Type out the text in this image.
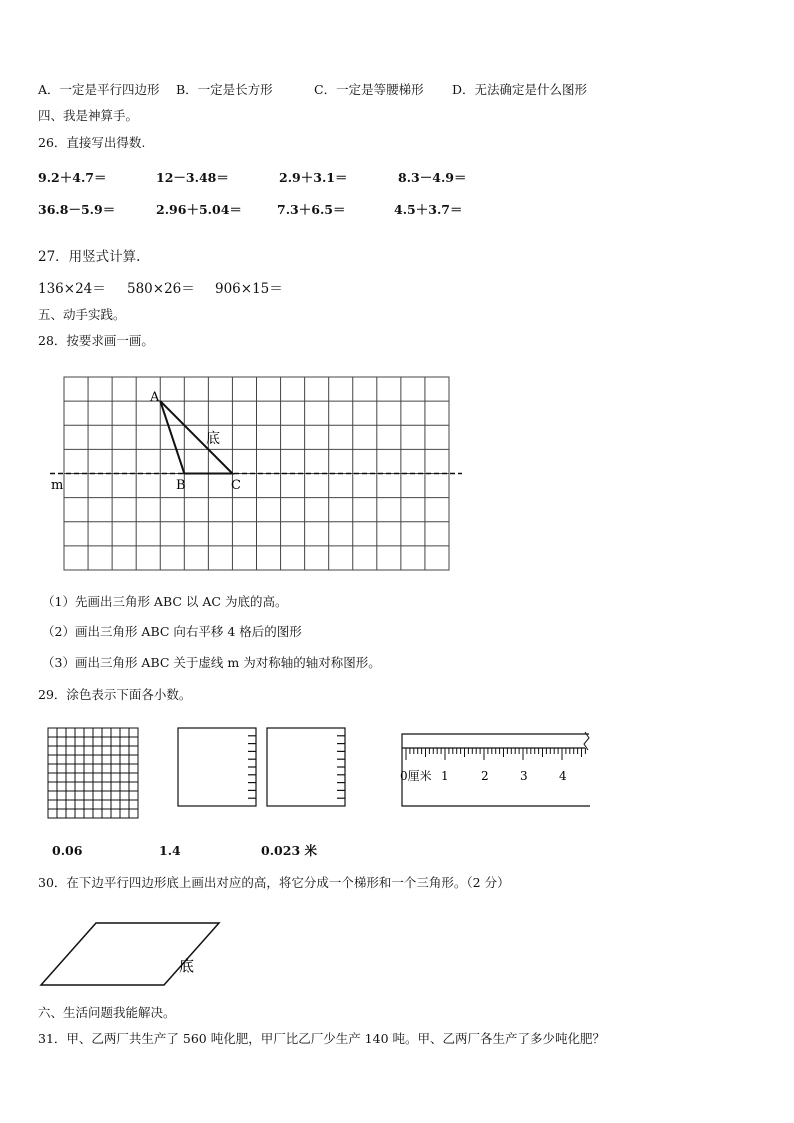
A．一定是平行四边形 B．一定是长方形	C．一定是等腰梯形 D．无法确定是什么图形
四、我是神算手。
26．直接写出得数.
9.2＋4.7＝	12－3.48＝	2.9＋3.1＝	8.3－4.9＝
36.8－5.9＝	2.96＋5.04＝	7.3＋6.5＝	4.5＋3.7＝
27．用竖式计算.
136×24＝ 580×26＝ 906×15＝
五、动手实践。
28．按要求画一画。
A
B	C
m
底
（1）先画出三角形 ABC 以 AC 为底的高。
（2）画出三角形 ABC 向右平移 4 格后的图形
（3）画出三角形 ABC 关于虚线 m 为对称轴的轴对称图形。
29．涂色表示下面各小数。
0厘米 1	2	3	4
0.06	1.4	0.023 米
30．在下边平行四边形底上画出对应的高，将它分成一个梯形和一个三角形。（2 分）
底
六、生活问题我能解决。
31．甲、乙两厂共生产了 560 吨化肥，甲厂比乙厂少生产 140 吨。甲、乙两厂各生产了多少吨化肥？
